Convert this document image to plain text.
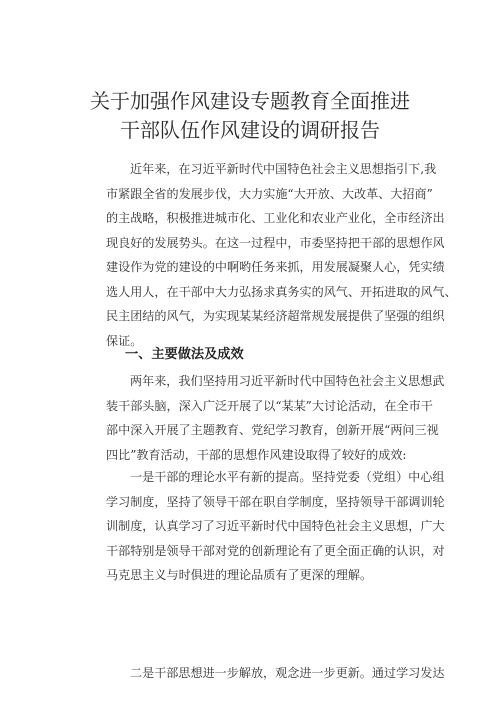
关于加强作风建设专题教育全面推进
干部队伍作风建设的调研报告
近年来，在习近平新时代中国特色社会主义思想指引下,我
市紧跟全省的发展步伐，大力实施“大开放、大改革、大招商”
的主战略，积极推进城市化、工业化和农业产业化，全市经济出
现良好的发展势头。在这一过程中，市委坚持把干部的思想作风
建设作为党的建设的中啊哟任务来抓，用发展凝聚人心，凭实绩
选人用人，在干部中大力弘扬求真务实的风气、开拓进取的风气、
民主团结的风气，为实现某某经济超常规发展提供了坚强的组织
保证。
一、主要做法及成效
两年来，我们坚持用习近平新时代中国特色社会主义思想武
装干部头脑，深入广泛开展了以“某某”大讨论活动，在全市干
部中深入开展了主题教育、党纪学习教育，创新开展“两问三视
四比”教育活动，干部的思想作风建设取得了较好的成效:
一是干部的理论水平有新的提高。坚持党委（党组）中心组
学习制度，坚持了领导干部在职自学制度，坚持领导干部调训轮
训制度，认真学习了习近平新时代中国特色社会主义思想，广大
干部特别是领导干部对党的创新理论有了更全面正确的认识，对
马克思主义与时俱进的理论品质有了更深的理解。
二是干部思想进一步解放，观念进一步更新。通过学习发达
